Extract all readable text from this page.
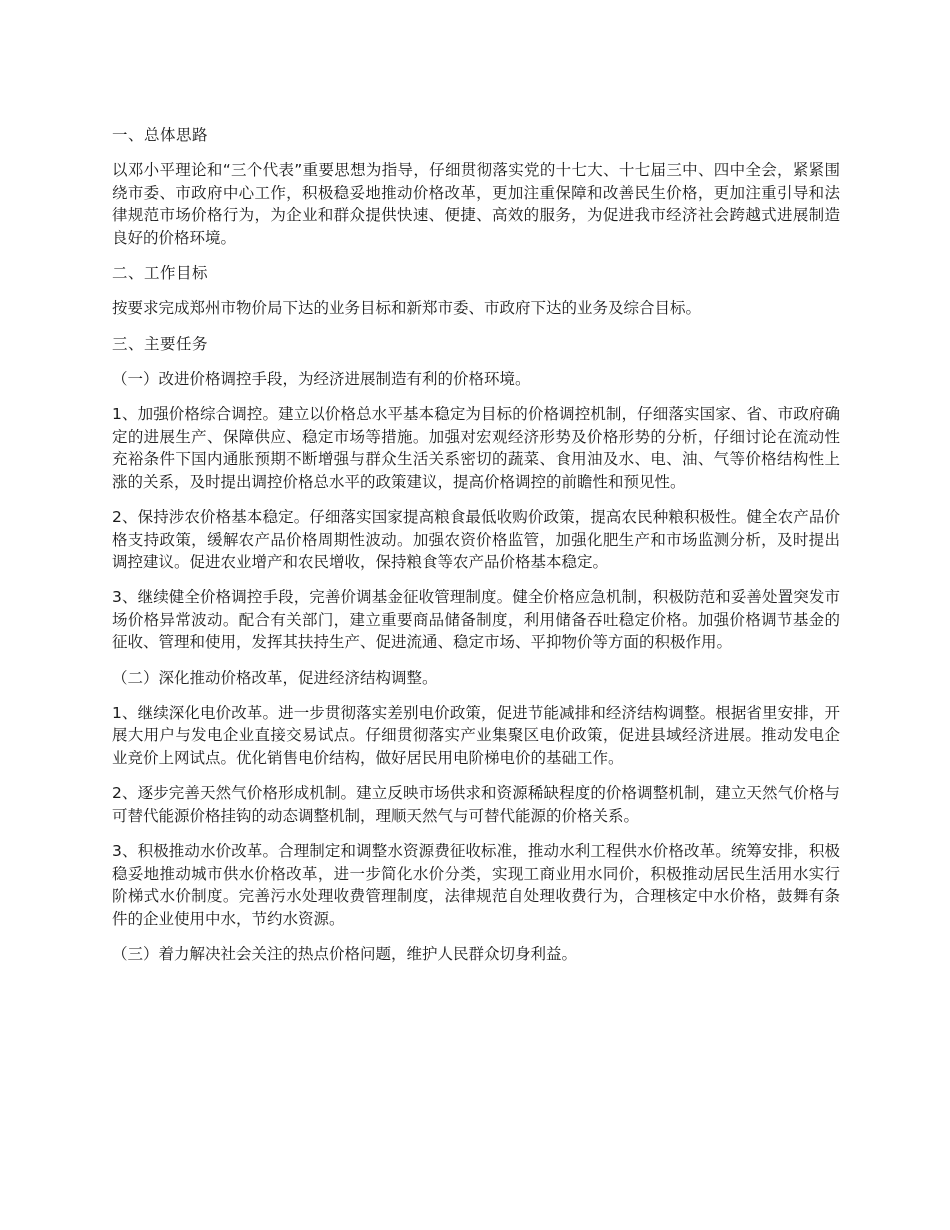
一、总体思路

以邓小平理论和“三个代表”重要思想为指导，仔细贯彻落实党的十七大、十七届三中、四中全会，紧紧围绕市委、市政府中心工作，积极稳妥地推动价格改革，更加注重保障和改善民生价格，更加注重引导和法律规范市场价格行为，为企业和群众提供快速、便捷、高效的服务，为促进我市经济社会跨越式进展制造良好的价格环境。

二、工作目标

按要求完成郑州市物价局下达的业务目标和新郑市委、市政府下达的业务及综合目标。

三、主要任务

（一）改进价格调控手段，为经济进展制造有利的价格环境。

1、加强价格综合调控。建立以价格总水平基本稳定为目标的价格调控机制，仔细落实国家、省、市政府确定的进展生产、保障供应、稳定市场等措施。加强对宏观经济形势及价格形势的分析，仔细讨论在流动性充裕条件下国内通胀预期不断增强与群众生活关系密切的蔬菜、食用油及水、电、油、气等价格结构性上涨的关系，及时提出调控价格总水平的政策建议，提高价格调控的前瞻性和预见性。

2、保持涉农价格基本稳定。仔细落实国家提高粮食最低收购价政策，提高农民种粮积极性。健全农产品价格支持政策，缓解农产品价格周期性波动。加强农资价格监管，加强化肥生产和市场监测分析，及时提出调控建议。促进农业增产和农民增收，保持粮食等农产品价格基本稳定。

3、继续健全价格调控手段，完善价调基金征收管理制度。健全价格应急机制，积极防范和妥善处置突发市场价格异常波动。配合有关部门，建立重要商品储备制度，利用储备吞吐稳定价格。加强价格调节基金的征收、管理和使用，发挥其扶持生产、促进流通、稳定市场、平抑物价等方面的积极作用。

（二）深化推动价格改革，促进经济结构调整。

1、继续深化电价改革。进一步贯彻落实差别电价政策，促进节能减排和经济结构调整。根据省里安排，开展大用户与发电企业直接交易试点。仔细贯彻落实产业集聚区电价政策，促进县域经济进展。推动发电企业竞价上网试点。优化销售电价结构，做好居民用电阶梯电价的基础工作。

2、逐步完善天然气价格形成机制。建立反映市场供求和资源稀缺程度的价格调整机制，建立天然气价格与可替代能源价格挂钩的动态调整机制，理顺天然气与可替代能源的价格关系。

3、积极推动水价改革。合理制定和调整水资源费征收标准，推动水利工程供水价格改革。统筹安排，积极稳妥地推动城市供水价格改革，进一步简化水价分类，实现工商业用水同价，积极推动居民生活用水实行阶梯式水价制度。完善污水处理收费管理制度，法律规范自处理收费行为，合理核定中水价格，鼓舞有条件的企业使用中水，节约水资源。

（三）着力解决社会关注的热点价格问题，维护人民群众切身利益。
